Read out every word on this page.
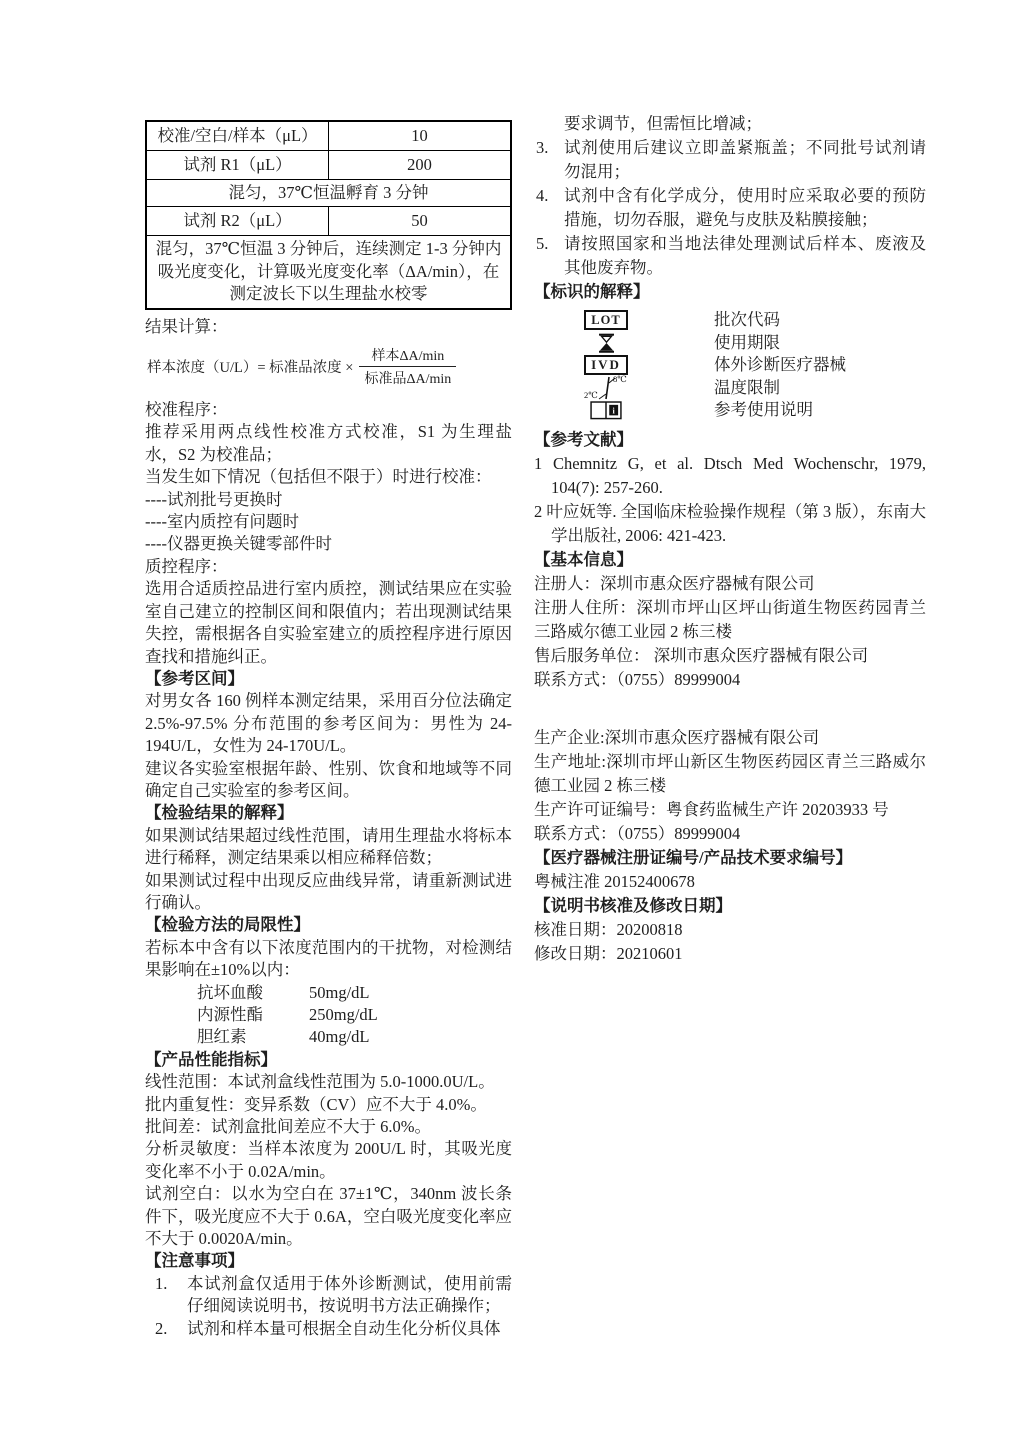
校准/空白/样本（μL）	10
试剂 R1（μL）	200
混匀，37℃恒温孵育 3 分钟	
试剂 R2（μL）	50
混匀，37℃恒温 3 分钟后，连续测定 1-3 分钟内吸光度变化，计算吸光度变化率（ΔA/min），在测定波长下以生理盐水校零	

结果计算：

样本浓度（U/L）= 标准品浓度 × $\frac{\text{样本ΔA/min}}{\text{标准品ΔA/min}}$

校准程序：

推荐采用两点线性校准方式校准，S1 为生理盐水，S2 为校准品；

当发生如下情况（包括但不限于）时进行校准：

----试剂批号更换时

----室内质控有问题时

----仪器更换关键零部件时

质控程序：

选用合适质控品进行室内质控，测试结果应在实验室自己建立的控制区间和限值内；若出现测试结果失控，需根据各自实验室建立的质控程序进行原因查找和措施纠正。

【参考区间】

对男女各 160 例样本测定结果，采用百分位法确定 2.5%-97.5% 分布范围的参考区间为：男性为 24-194U/L，女性为 24-170U/L。

建议各实验室根据年龄、性别、饮食和地域等不同确定自己实验室的参考区间。

【检验结果的解释】

如果测试结果超过线性范围，请用生理盐水将标本进行稀释，测定结果乘以相应稀释倍数；

如果测试过程中出现反应曲线异常，请重新测试进行确认。

【检验方法的局限性】

若标本中含有以下浓度范围内的干扰物，对检测结果影响在±10%以内：

抗坏血酸	50mg/dL
内源性酯	250mg/dL
胆红素	40mg/dL

【产品性能指标】

线性范围：本试剂盒线性范围为 5.0-1000.0U/L。

批内重复性：变异系数（CV）应不大于 4.0%。

批间差：试剂盒批间差应不大于 6.0%。

分析灵敏度：当样本浓度为 200U/L 时，其吸光度变化率不小于 0.02A/min。

试剂空白：以水为空白在 37±1℃，340nm 波长条件下，吸光度应不大于 0.6A，空白吸光度变化率应不大于 0.0020A/min。

【注意事项】

1.	本试剂盒仅适用于体外诊断测试，使用前需仔细阅读说明书，按说明书方法正确操作；
2.	试剂和样本量可根据全自动生化分析仪具体

要求调节，但需恒比增减；

3. 试剂使用后建议立即盖紧瓶盖；不同批号试剂请勿混用；
4. 试剂中含有化学成分，使用时应采取必要的预防措施，切勿吞服，避免与皮肤及粘膜接触；
5. 请按照国家和当地法律处理测试后样本、废液及其他废弃物。

【标识的解释】

LOT	批次代码
使用期限
IVD	体外诊断医疗器械
2℃
8℃	温度限制
i	参考使用说明

【参考文献】

1 Chemnitz G, et al. Dtsch Med Wochenschr, 1979, 104(7): 257-260.

2 叶应妩等. 全国临床检验操作规程（第 3 版），东南大学出版社, 2006: 421-423.

【基本信息】

注册人：深圳市惠众医疗器械有限公司

注册人住所：深圳市坪山区坪山街道生物医药园青兰三路威尔德工业园 2 栋三楼

售后服务单位： 深圳市惠众医疗器械有限公司

联系方式：（0755）89999004

生产企业:深圳市惠众医疗器械有限公司

生产地址:深圳市坪山新区生物医药园区青兰三路威尔德工业园 2 栋三楼

生产许可证编号：粤食药监械生产许 20203933 号

联系方式：（0755）89999004

【医疗器械注册证编号/产品技术要求编号】

粤械注准 20152400678

【说明书核准及修改日期】

核准日期：20200818

修改日期：20210601
